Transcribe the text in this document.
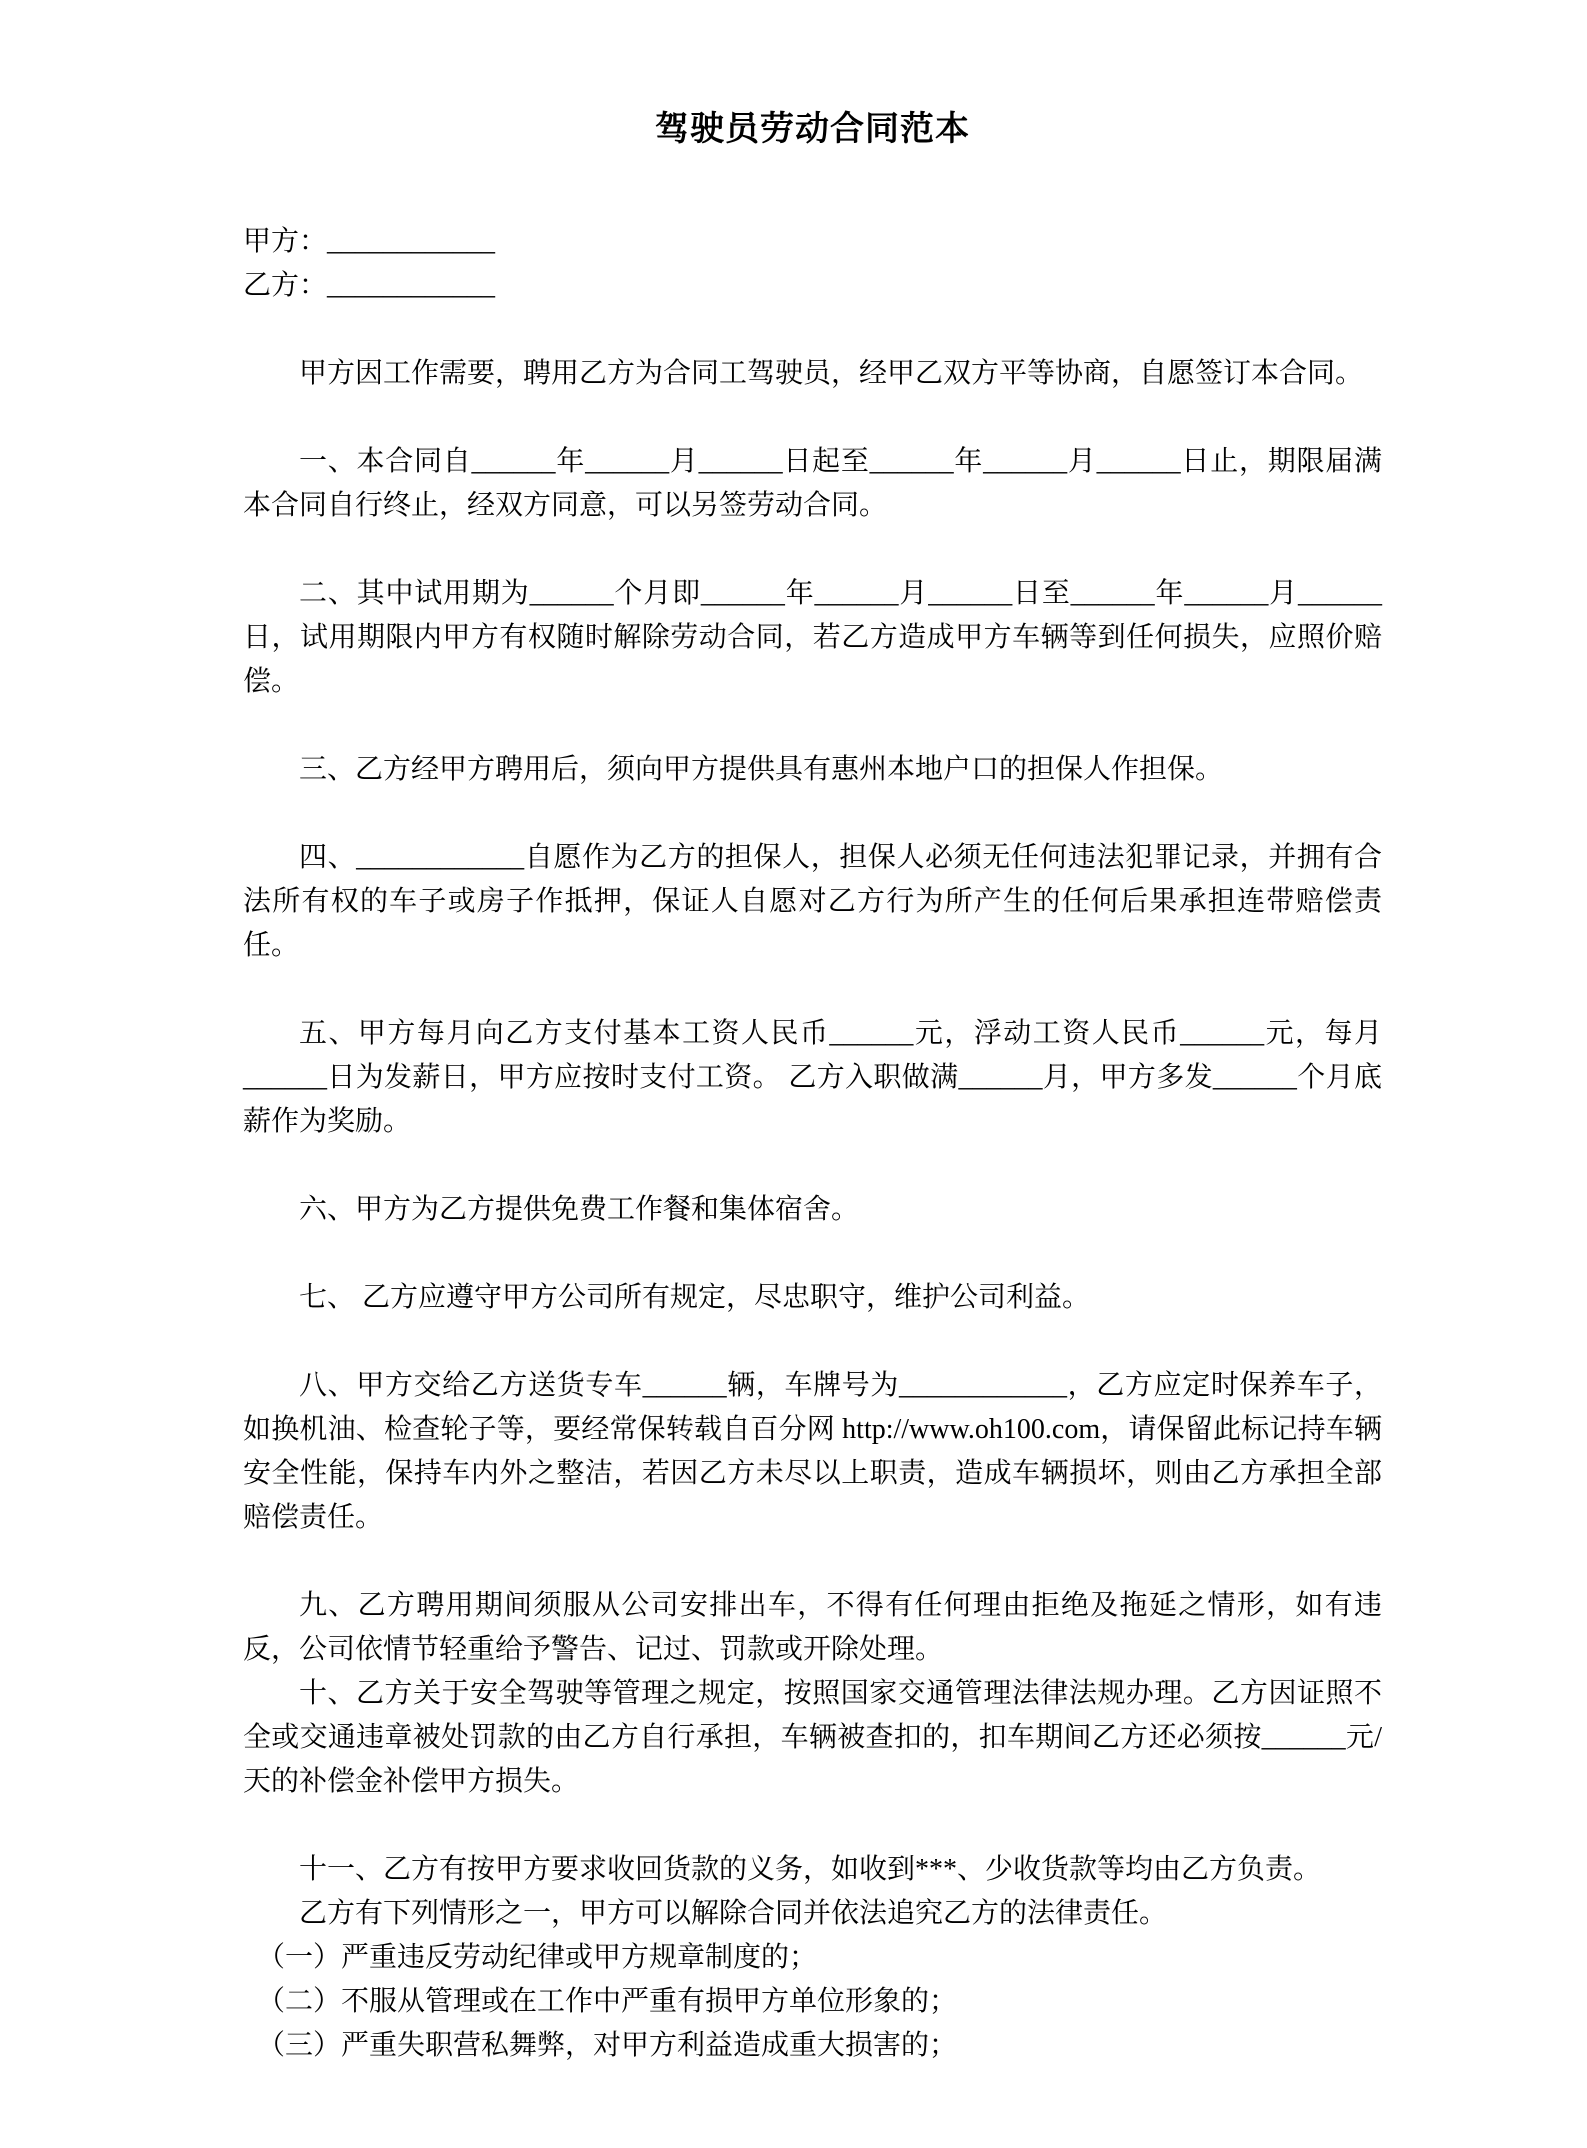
驾驶员劳动合同范本
甲方：____________
乙方：____________

甲方因工作需要，聘用乙方为合同工驾驶员，经甲乙双方平等协商，自愿签订本合同。

一、本合同自______年______月______日起至______年______月______日止，期限届满本合同自行终止，经双方同意，可以另签劳动合同。

二、其中试用期为______个月即______年______月______日至______年______月______日，试用期限内甲方有权随时解除劳动合同，若乙方造成甲方车辆等到任何损失，应照价赔偿。

三、乙方经甲方聘用后，须向甲方提供具有惠州本地户口的担保人作担保。

四、____________自愿作为乙方的担保人，担保人必须无任何违法犯罪记录，并拥有合法所有权的车子或房子作抵押，保证人自愿对乙方行为所产生的任何后果承担连带赔偿责任。

五、甲方每月向乙方支付基本工资人民币______元，浮动工资人民币______元，每月______日为发薪日，甲方应按时支付工资。 乙方入职做满______月，甲方多发______个月底薪作为奖励。

六、甲方为乙方提供免费工作餐和集体宿舍。

七、 乙方应遵守甲方公司所有规定，尽忠职守，维护公司利益。

八、甲方交给乙方送货专车______辆，车牌号为____________，乙方应定时保养车子，如换机油、检查轮子等，要经常保转载自百分网 http://www.oh100.com，请保留此标记持车辆安全性能，保持车内外之整洁，若因乙方未尽以上职责，造成车辆损坏，则由乙方承担全部赔偿责任。

九、乙方聘用期间须服从公司安排出车，不得有任何理由拒绝及拖延之情形，如有违反，公司依情节轻重给予警告、记过、罚款或开除处理。

十、乙方关于安全驾驶等管理之规定，按照国家交通管理法律法规办理。乙方因证照不全或交通违章被处罚款的由乙方自行承担，车辆被查扣的，扣车期间乙方还必须按______元/天的补偿金补偿甲方损失。

十一、乙方有按甲方要求收回货款的义务，如收到***、少收货款等均由乙方负责。

乙方有下列情形之一，甲方可以解除合同并依法追究乙方的法律责任。

（一）严重违反劳动纪律或甲方规章制度的；

（二）不服从管理或在工作中严重有损甲方单位形象的；

（三）严重失职营私舞弊，对甲方利益造成重大损害的；
